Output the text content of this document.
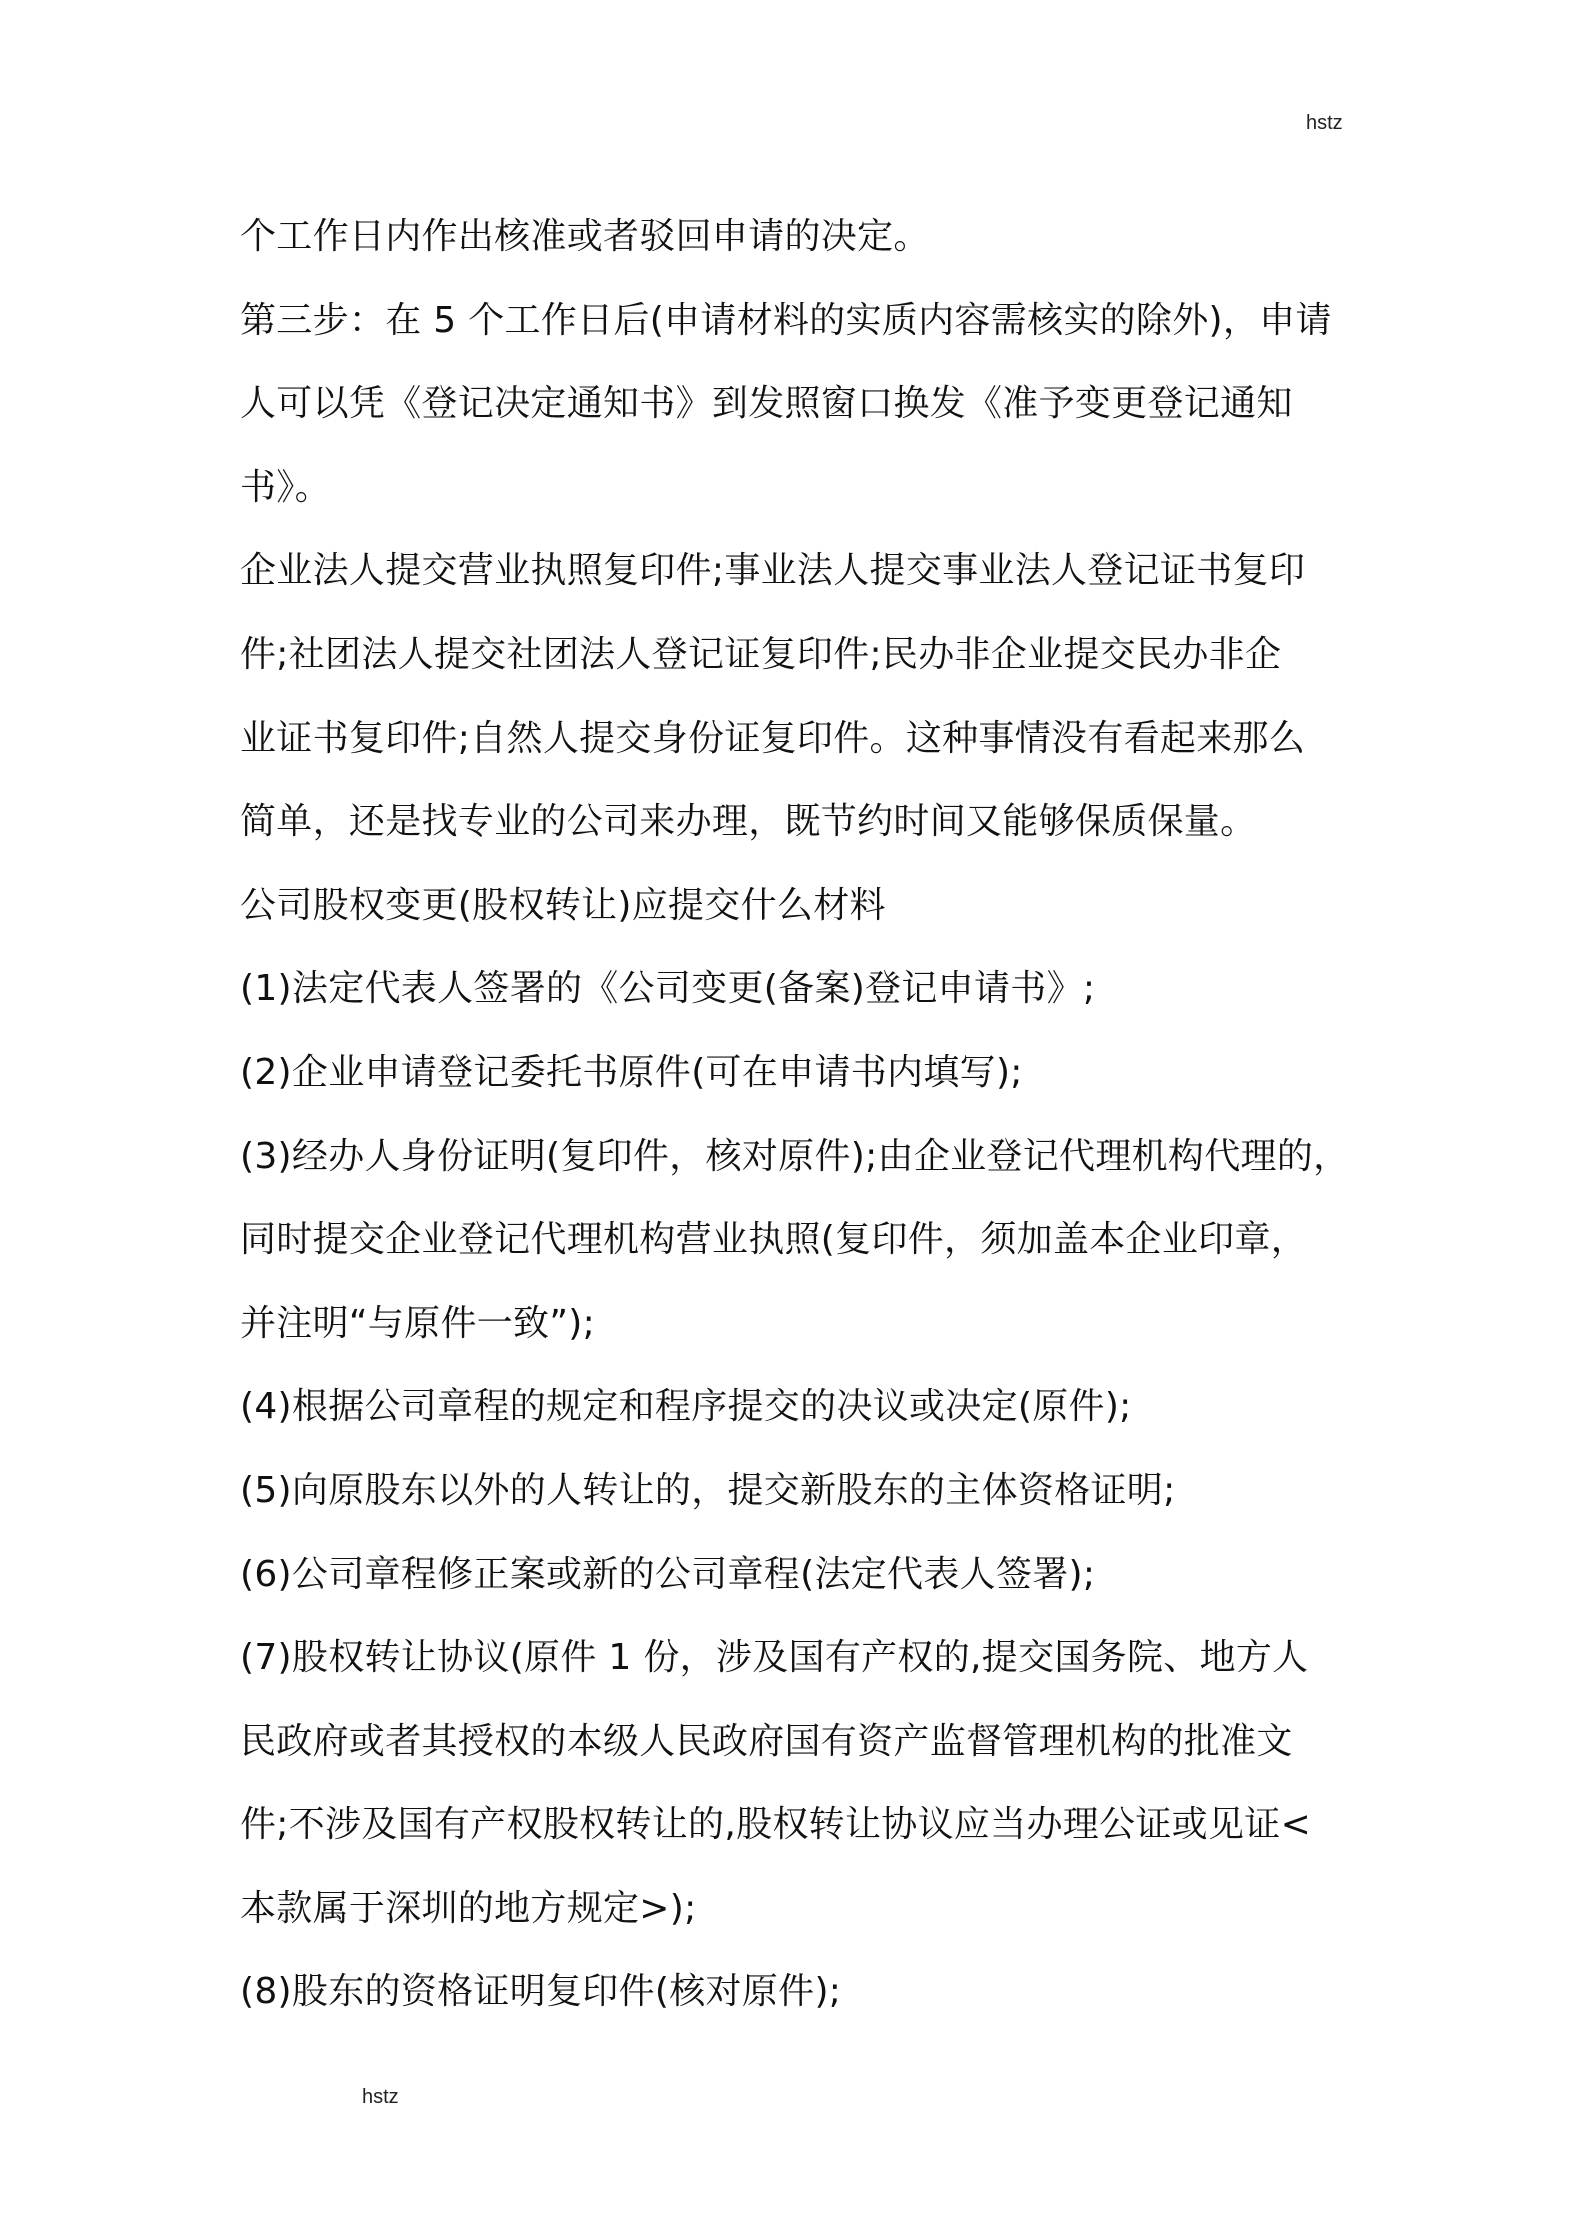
hstz
个工作日内作出核准或者驳回申请的决定。
第三步：在 5 个工作日后(申请材料的实质内容需核实的除外)，申请
人可以凭《登记决定通知书》到发照窗口换发《准予变更登记通知
书》。
企业法人提交营业执照复印件;事业法人提交事业法人登记证书复印
件;社团法人提交社团法人登记证复印件;民办非企业提交民办非企
业证书复印件;自然人提交身份证复印件。这种事情没有看起来那么
简单，还是找专业的公司来办理，既节约时间又能够保质保量。
公司股权变更(股权转让)应提交什么材料
(1)法定代表人签署的《公司变更(备案)登记申请书》;
(2)企业申请登记委托书原件(可在申请书内填写);
(3)经办人身份证明(复印件，核对原件);由企业登记代理机构代理的，
同时提交企业登记代理机构营业执照(复印件，须加盖本企业印章，
并注明“与原件一致”);
(4)根据公司章程的规定和程序提交的决议或决定(原件);
(5)向原股东以外的人转让的，提交新股东的主体资格证明;
(6)公司章程修正案或新的公司章程(法定代表人签署);
(7)股权转让协议(原件 1 份，涉及国有产权的,提交国务院、地方人
民政府或者其授权的本级人民政府国有资产监督管理机构的批准文
件;不涉及国有产权股权转让的,股权转让协议应当办理公证或见证<
本款属于深圳的地方规定>);
(8)股东的资格证明复印件(核对原件);
hstz
